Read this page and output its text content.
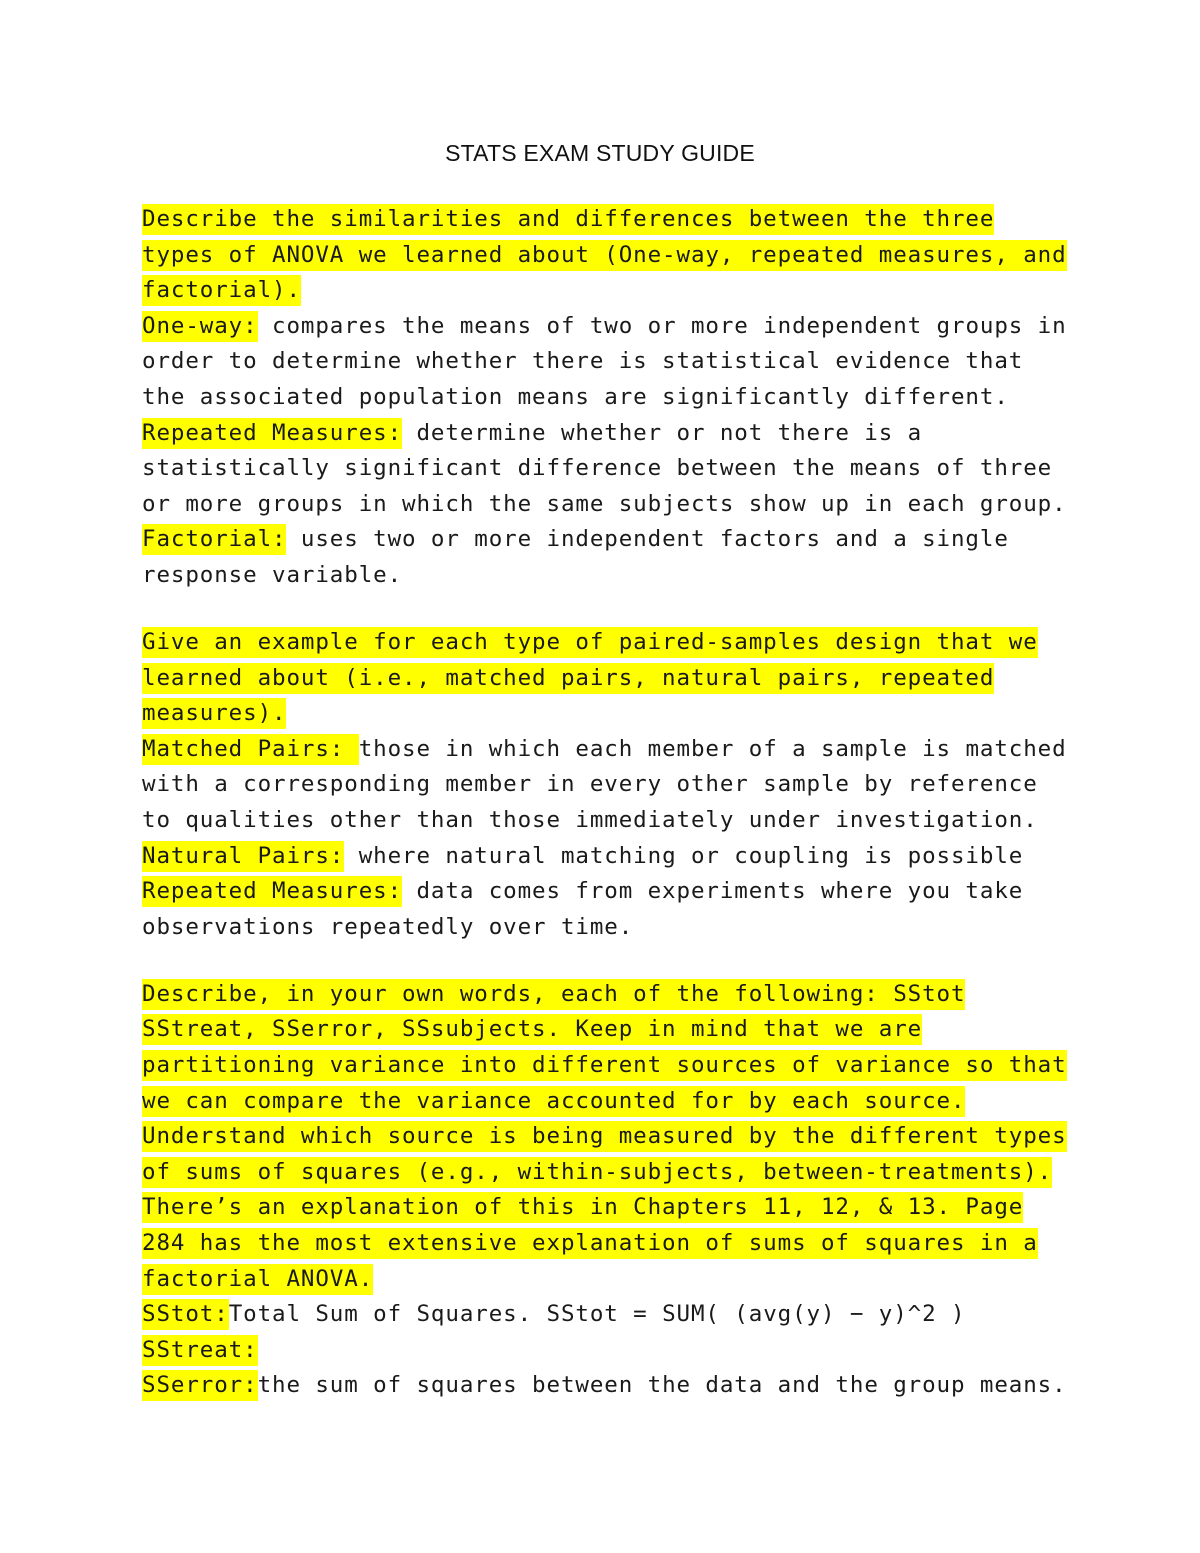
STATS EXAM STUDY GUIDE
Describe the similarities and differences between the three
types of ANOVA we learned about (One-way, repeated measures, and
factorial).
One-way: compares the means of two or more independent groups in
order to determine whether there is statistical evidence that
the associated population means are significantly different.
Repeated Measures: determine whether or not there is a
statistically significant difference between the means of three
or more groups in which the same subjects show up in each group.
Factorial: uses two or more independent factors and a single
response variable.
Give an example for each type of paired-samples design that we
learned about (i.e., matched pairs, natural pairs, repeated
measures).
Matched Pairs: those in which each member of a sample is matched
with a corresponding member in every other sample by reference
to qualities other than those immediately under investigation.
Natural Pairs: where natural matching or coupling is possible
Repeated Measures: data comes from experiments where you take
observations repeatedly over time.
Describe, in your own words, each of the following: SStot
SStreat, SSerror, SSsubjects. Keep in mind that we are
partitioning variance into different sources of variance so that
we can compare the variance accounted for by each source.
Understand which source is being measured by the different types
of sums of squares (e.g., within-subjects, between-treatments).
There’s an explanation of this in Chapters 11, 12, & 13. Page
284 has the most extensive explanation of sums of squares in a
factorial ANOVA.
SStot:Total Sum of Squares. SStot = SUM( (avg(y) − y)^2 )
SStreat:
SSerror:the sum of squares between the data and the group means.
